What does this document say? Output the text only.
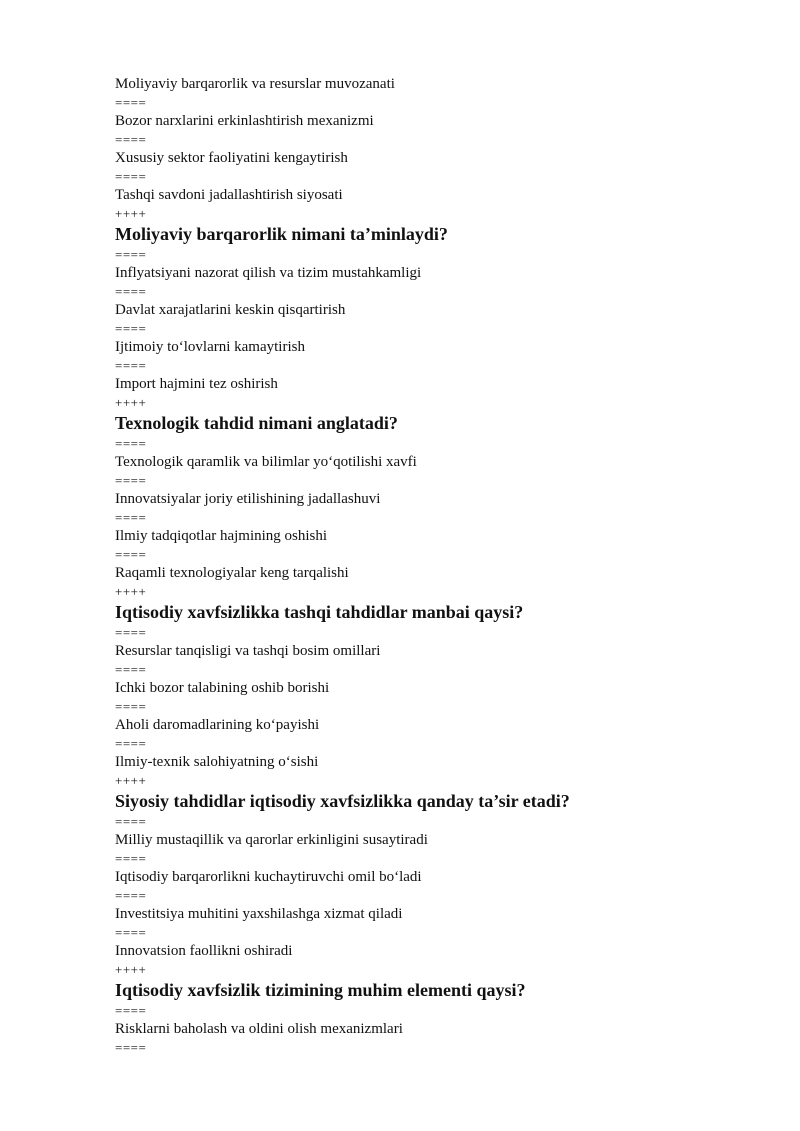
Moliyaviy barqarorlik va resurslar muvozanati
====
Bozor narxlarini erkinlashtirish mexanizmi
====
Xususiy sektor faoliyatini kengaytirish
====
Tashqi savdoni jadallashtirish siyosati
++++
Moliyaviy barqarorlik nimani ta’minlaydi?
====
Inflyatsiyani nazorat qilish va tizim mustahkamligi
====
Davlat xarajatlarini keskin qisqartirish
====
Ijtimoiy to‘lovlarni kamaytirish
====
Import hajmini tez oshirish
++++
Texnologik tahdid nimani anglatadi?
====
Texnologik qaramlik va bilimlar yo‘qotilishi xavfi
====
Innovatsiyalar joriy etilishining jadallashuvi
====
Ilmiy tadqiqotlar hajmining oshishi
====
Raqamli texnologiyalar keng tarqalishi
++++
Iqtisodiy xavfsizlikka tashqi tahdidlar manbai qaysi?
====
Resurslar tanqisligi va tashqi bosim omillari
====
Ichki bozor talabining oshib borishi
====
Aholi daromadlarining ko‘payishi
====
Ilmiy-texnik salohiyatning o‘sishi
++++
Siyosiy tahdidlar iqtisodiy xavfsizlikka qanday ta’sir etadi?
====
Milliy mustaqillik va qarorlar erkinligini susaytiradi
====
Iqtisodiy barqarorlikni kuchaytiruvchi omil bo‘ladi
====
Investitsiya muhitini yaxshilashga xizmat qiladi
====
Innovatsion faollikni oshiradi
++++
Iqtisodiy xavfsizlik tizimining muhim elementi qaysi?
====
Risklarni baholash va oldini olish mexanizmlari
====
